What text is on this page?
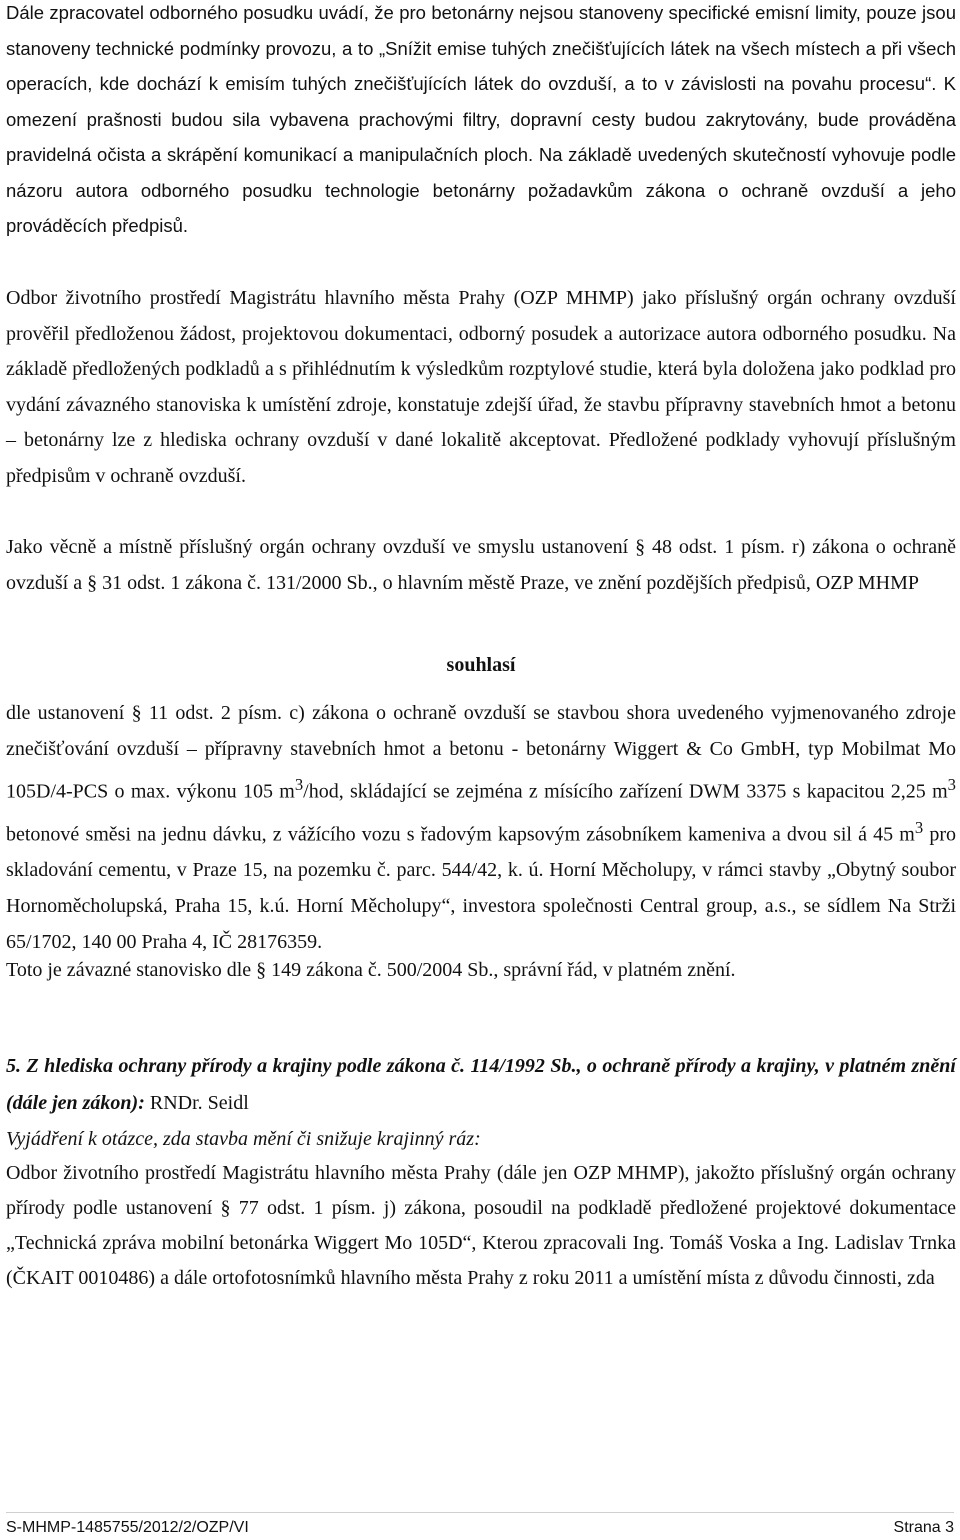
Dále zpracovatel odborného posudku uvádí, že pro betonárny nejsou stanoveny specifické emisní limity, pouze jsou stanoveny technické podmínky provozu, a to „Snížit emise tuhých znečišťujících látek na všech místech a při všech operacích, kde dochází k emisím tuhých znečišťujících látek do ovzduší, a to v závislosti na povahu procesu“. K omezení prašnosti budou sila vybavena prachovými filtry, dopravní cesty budou zakrytovány, bude prováděna pravidelná očista a skrápění komunikací a manipulačních ploch. Na základě uvedených skutečností vyhovuje podle názoru autora odborného posudku technologie betonárny požadavkům zákona o ochraně ovzduší a jeho prováděcích předpisů.

Odbor životního prostředí Magistrátu hlavního města Prahy (OZP MHMP) jako příslušný orgán ochrany ovzduší prověřil předloženou žádost, projektovou dokumentaci, odborný posudek a autorizace autora odborného posudku. Na základě předložených podkladů a s přihlédnutím k výsledkům rozptylové studie, která byla doložena jako podklad pro vydání závazného stanoviska k umístění zdroje, konstatuje zdejší úřad, že stavbu přípravny stavebních hmot a betonu – betonárny lze z hlediska ochrany ovzduší v dané lokalitě akceptovat. Předložené podklady vyhovují příslušným předpisům v ochraně ovzduší.

Jako věcně a místně příslušný orgán ochrany ovzduší ve smyslu ustanovení § 48 odst. 1 písm. r) zákona o ochraně ovzduší a § 31 odst. 1 zákona č. 131/2000 Sb., o hlavním městě Praze, ve znění pozdějších předpisů, OZP MHMP

souhlasí

dle ustanovení § 11 odst. 2 písm. c) zákona o ochraně ovzduší se stavbou shora uvedeného vyjmenovaného zdroje znečišťování ovzduší – přípravny stavebních hmot a betonu - betonárny Wiggert & Co GmbH, typ Mobilmat Mo 105D/4-PCS o max. výkonu 105 $m^3$/hod, skládající se zejména z mísícího zařízení DWM 3375 s kapacitou 2,25 $m^3$ betonové směsi na jednu dávku, z vážícího vozu s řadovým kapsovým zásobníkem kameniva a dvou sil á 45 $m^3$ pro skladování cementu, v Praze 15, na pozemku č. parc. 544/42, k. ú. Horní Měcholupy, v rámci stavby „Obytný soubor Hornoměcholupská, Praha 15, k.ú. Horní Měcholupy“, investora společnosti Central group, a.s., se sídlem Na Strži 65/1702, 140 00 Praha 4, IČ 28176359.

Toto je závazné stanovisko dle § 149 zákona č. 500/2004 Sb., správní řád, v platném znění.

5. Z hlediska ochrany přírody a krajiny podle zákona č. 114/1992 Sb., o ochraně přírody a krajiny, v platném znění (dále jen zákon): RNDr. Seidl

Vyjádření k otázce, zda stavba mění či snižuje krajinný ráz:

Odbor životního prostředí Magistrátu hlavního města Prahy (dále jen OZP MHMP), jakožto příslušný orgán ochrany přírody podle ustanovení § 77 odst. 1 písm. j) zákona, posoudil na podkladě předložené projektové dokumentace „Technická zpráva mobilní betonárka Wiggert Mo 105D“, Kterou zpracovali Ing. Tomáš Voska a Ing. Ladislav Trnka (ČKAIT 0010486) a dále ortofotosnímků hlavního města Prahy z roku 2011 a umístění místa z důvodu činnosti, zda

S-MHMP-1485755/2012/2/OZP/VI	Strana 3
